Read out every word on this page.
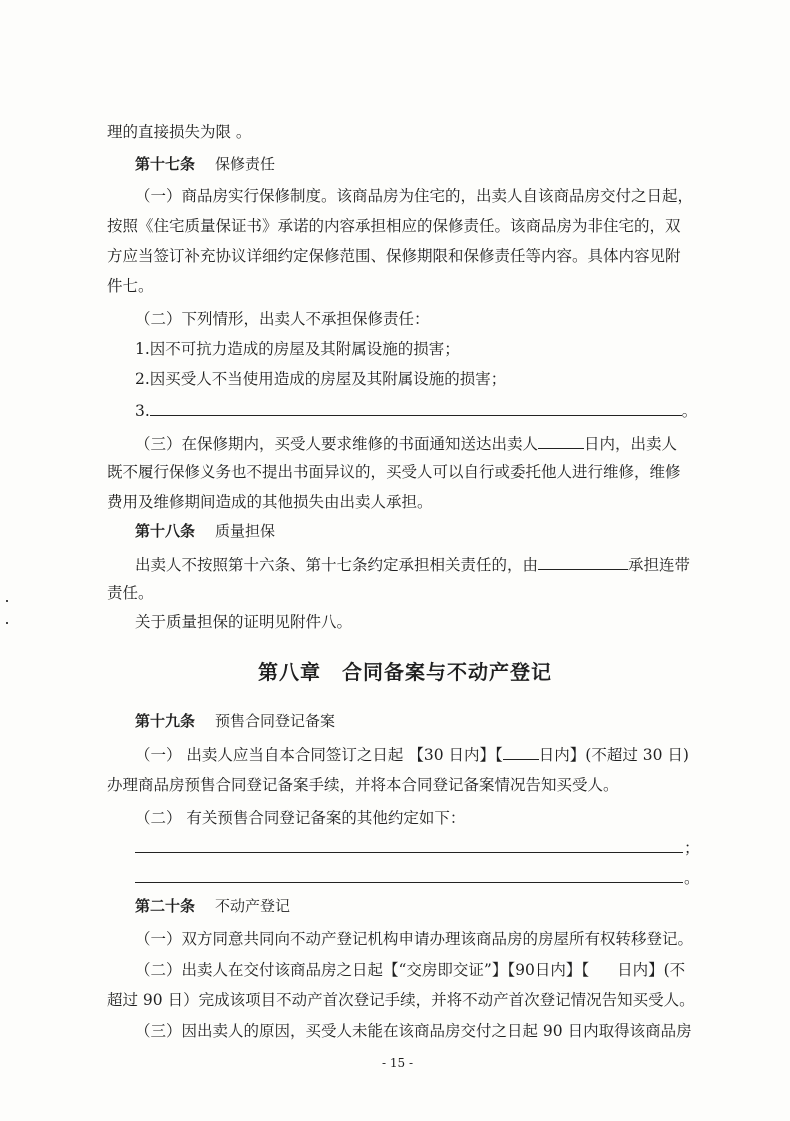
理的直接损失为限 。
第十七条 保修责任
（一）商品房实行保修制度。该商品房为住宅的，出卖人自该商品房交付之日起，
按照《住宅质量保证书》承诺的内容承担相应的保修责任。该商品房为非住宅的，双
方应当签订补充协议详细约定保修范围、保修期限和保修责任等内容。具体内容见附
件七。
（二）下列情形，出卖人不承担保修责任：
1.因不可抗力造成的房屋及其附属设施的损害；
2.因买受人不当使用造成的房屋及其附属设施的损害；
3.	。
（三）在保修期内，买受人要求维修的书面通知送达出卖人	日内，出卖人
既不履行保修义务也不提出书面异议的，买受人可以自行或委托他人进行维修，维修
费用及维修期间造成的其他损失由出卖人承担。
第十八条 质量担保
出卖人不按照第十六条、第十七条约定承担相关责任的，由	承担连带
责任。
关于质量担保的证明见附件八。
第八章　合同备案与不动产登记
第十九条 预售合同登记备案
（一） 出卖人应当自本合同签订之日起 【30 日内】【 日内】(不超过 30 日)
办理商品房预售合同登记备案手续，并将本合同登记备案情况告知买受人。
（二） 有关预售合同登记备案的其他约定如下：
；
。
第二十条 不动产登记
（一）双方同意共同向不动产登记机构申请办理该商品房的房屋所有权转移登记。
（二）出卖人在交付该商品房之日起【“交房即交证”】【90日内】【 日内】(不
超过 90 日）完成该项目不动产首次登记手续，并将不动产首次登记情况告知买受人。
（三）因出卖人的原因，买受人未能在该商品房交付之日起 90 日内取得该商品房
- 15 -
